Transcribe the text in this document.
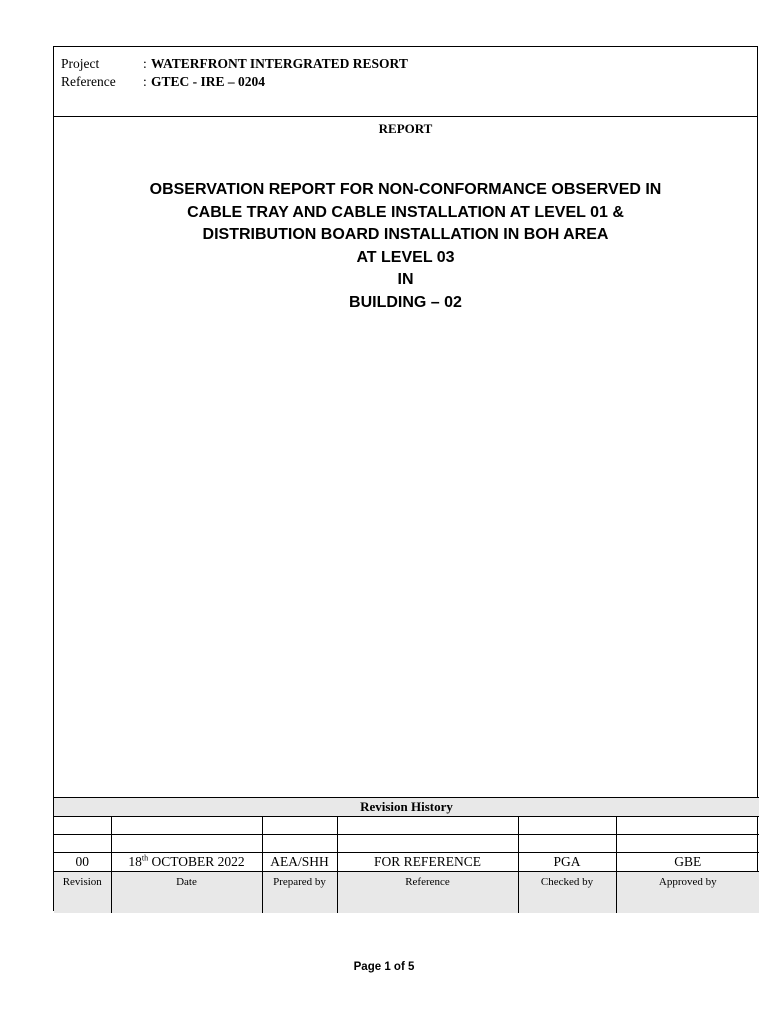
Project	: WATERFRONT INTERGRATED RESORT
Reference : GTEC - IRE – 0204
REPORT
OBSERVATION REPORT FOR NON-CONFORMANCE OBSERVED IN
CABLE TRAY AND CABLE INSTALLATION AT LEVEL 01 &
DISTRIBUTION BOARD INSTALLATION IN BOH AREA
AT LEVEL 03
IN
BUILDING – 02
Revision History					

00	18th OCTOBER 2022	AEA/SHH	FOR REFERENCE	PGA	GBE
Revision	Date	Prepared by	Reference	Checked by	Approved by
Page 1 of 5
